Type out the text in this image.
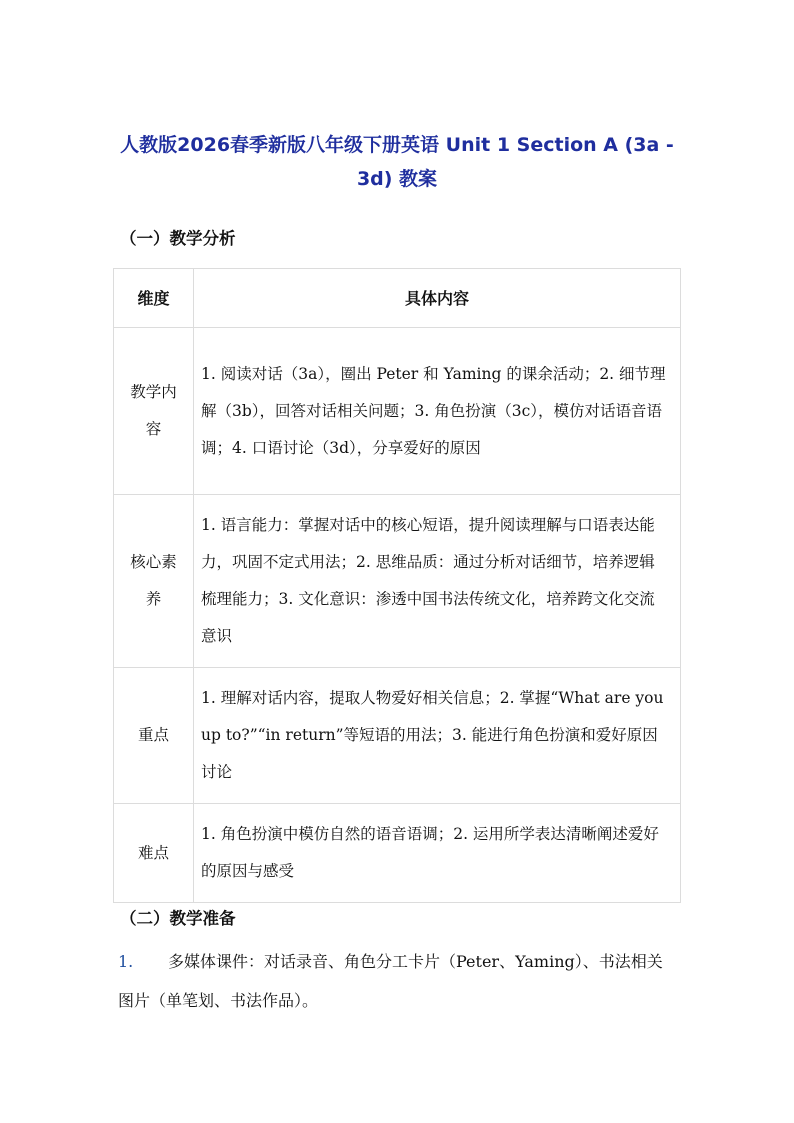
人教版2026春季新版八年级下册英语 Unit 1 Section A (3a - 3d) 教案
（一）教学分析
维度	具体内容
教学内容	1. 阅读对话（3a），圈出 Peter 和 Yaming 的课余活动；2. 细节理解（3b），回答对话相关问题；3. 角色扮演（3c），模仿对话语音语调；4. 口语讨论（3d），分享爱好的原因
核心素养	1. 语言能力：掌握对话中的核心短语，提升阅读理解与口语表达能力，巩固不定式用法；2. 思维品质：通过分析对话细节，培养逻辑梳理能力；3. 文化意识：渗透中国书法传统文化，培养跨文化交流意识
重点	1. 理解对话内容，提取人物爱好相关信息；2. 掌握“What are you up to?”“in return”等短语的用法；3. 能进行角色扮演和爱好原因讨论
难点	1. 角色扮演中模仿自然的语音语调；2. 运用所学表达清晰阐述爱好的原因与感受
（二）教学准备

1. 多媒体课件：对话录音、角色分工卡片（Peter、Yaming）、书法相关图片（单笔划、书法作品）。
